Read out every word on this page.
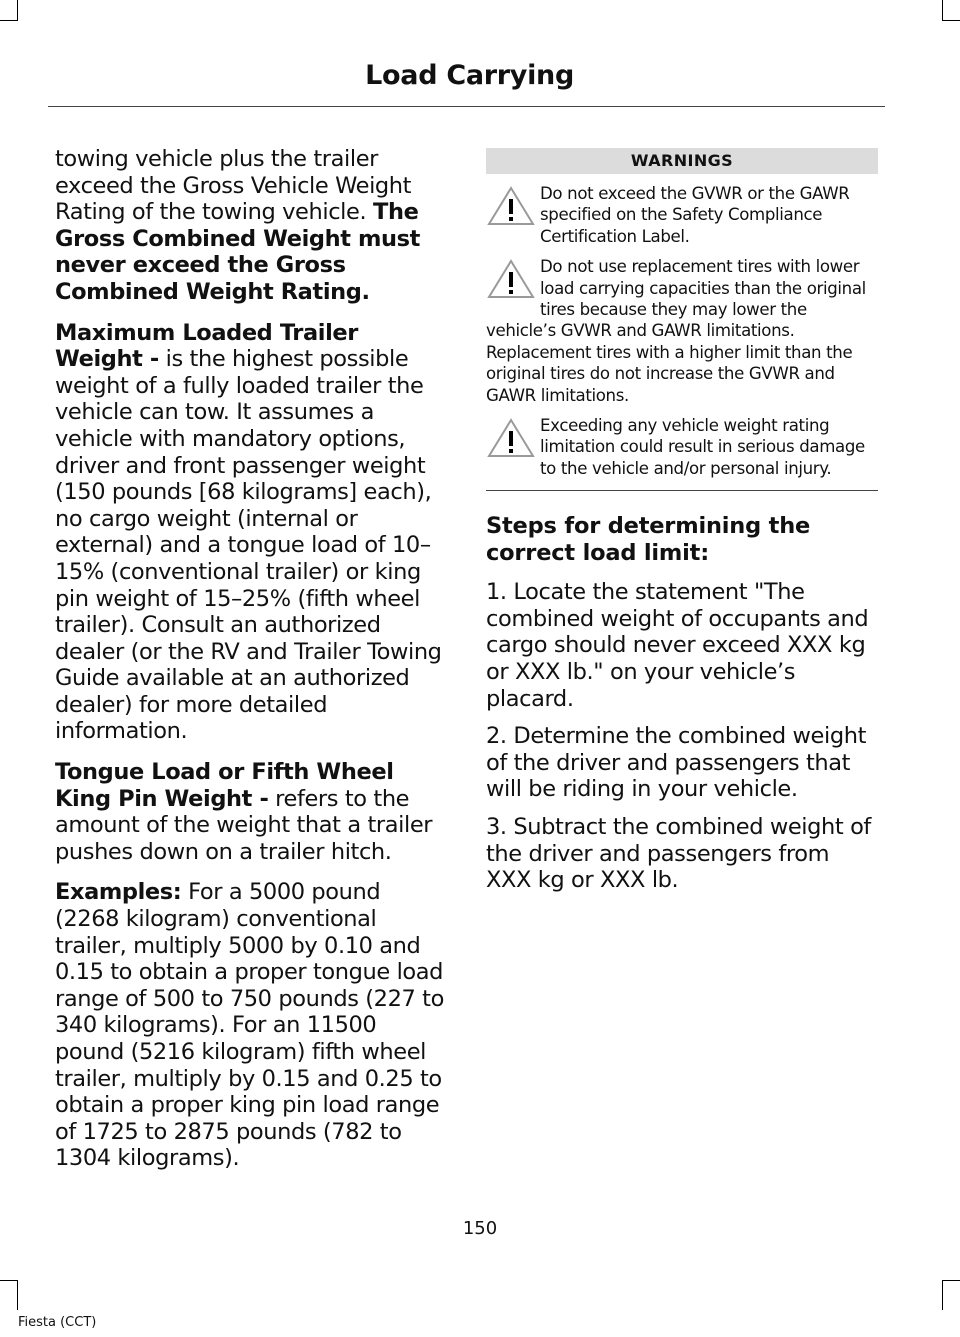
Load Carrying

towing vehicle plus the trailer exceed the Gross Vehicle Weight Rating of the towing vehicle. The Gross Combined Weight must never exceed the Gross Combined Weight Rating.

Maximum Loaded Trailer Weight - is the highest possible weight of a fully loaded trailer the vehicle can tow. It assumes a vehicle with mandatory options, driver and front passenger weight (150 pounds [68 kilograms] each), no cargo weight (internal or external) and a tongue load of 10–15% (conventional trailer) or king pin weight of 15–25% (fifth wheel trailer). Consult an authorized dealer (or the RV and Trailer Towing Guide available at an authorized dealer) for more detailed information.

Tongue Load or Fifth Wheel King Pin Weight - refers to the amount of the weight that a trailer pushes down on a trailer hitch.

Examples: For a 5000 pound (2268 kilogram) conventional trailer, multiply 5000 by 0.10 and 0.15 to obtain a proper tongue load range of 500 to 750 pounds (227 to 340 kilograms). For an 11500 pound (5216 kilogram) fifth wheel trailer, multiply by 0.15 and 0.25 to obtain a proper king pin load range of 1725 to 2875 pounds (782 to 1304 kilograms).

WARNINGS

Do not exceed the GVWR or the GAWR specified on the Safety Compliance Certification Label.

Do not use replacement tires with lower load carrying capacities than the original tires because they may lower the vehicle’s GVWR and GAWR limitations. Replacement tires with a higher limit than the original tires do not increase the GVWR and GAWR limitations.

Exceeding any vehicle weight rating limitation could result in serious damage to the vehicle and/or personal injury.

Steps for determining the correct load limit:

1. Locate the statement "The combined weight of occupants and cargo should never exceed XXX kg or XXX lb." on your vehicle’s placard.

2. Determine the combined weight of the driver and passengers that will be riding in your vehicle.

3. Subtract the combined weight of the driver and passengers from XXX kg or XXX lb.

150
Fiesta (CCT)
